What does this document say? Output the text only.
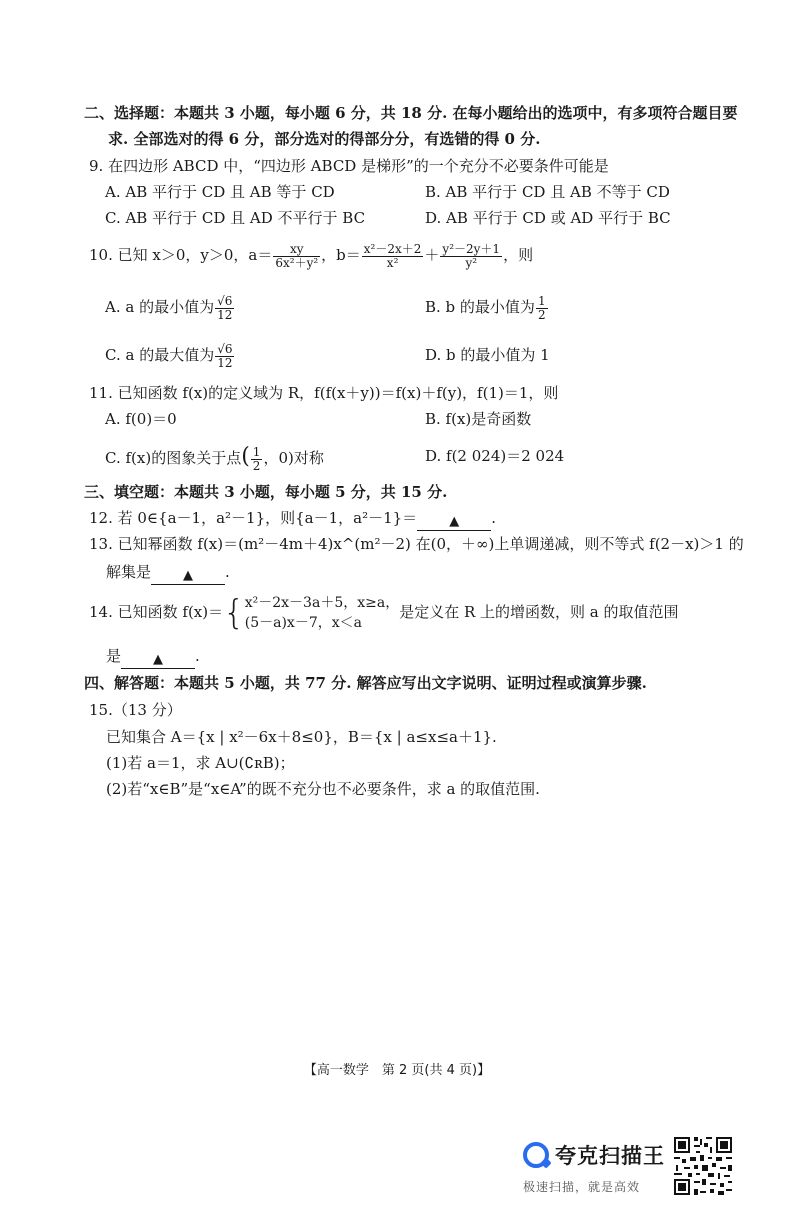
二、选择题：本题共 3 小题，每小题 6 分，共 18 分. 在每小题给出的选项中，有多项符合题目要
求. 全部选对的得 6 分，部分选对的得部分分，有选错的得 0 分.
9. 在四边形 ABCD 中，“四边形 ABCD 是梯形”的一个充分不必要条件可能是
A. AB 平行于 CD 且 AB 等于 CD	B. AB 平行于 CD 且 AB 不等于 CD
C. AB 平行于 CD 且 AD 不平行于 BC	D. AB 平行于 CD 或 AD 平行于 BC
10. 已知 x＞0，y＞0，$a= \frac{xy}{\text{6x²＋y²}}$ ，$b= \frac{\text{x²－2x＋2}}{\text{x²}} + \frac{\text{y²－2y＋1}}{\text{y²}}$ ，则
A. a 的最小值为 $\frac{√6}{12}$	B. b 的最小值为 $\frac{1}{2}$
C. a 的最大值为 $\frac{√6}{12}$	D. b 的最小值为 1
11. 已知函数 f(x)的定义域为 R，f(f(x＋y))＝f(x)＋f(y)，f(1)＝1，则
A. f(0)＝0	B. f(x)是奇函数
C. f(x)的图象关于点( $\frac{1}{2}$ ，0)对称	D. f(2 024)＝2 024
三、填空题：本题共 3 小题，每小题 5 分，共 15 分.
12. 若 0∈{a－1，a²－1}，则{a－1，a²－1}＝ ▲ .
13. 已知幂函数 f(x)＝(m²－4m＋4)x^(m²－2) 在(0，＋∞)上单调递减，则不等式 f(2－x)＞1 的
解集是 ▲ .
14. 已知函数 f(x)＝{ x²－2x－3a＋5，x≥a，
(5－a)x－7，x＜a
是定义在 R 上的增函数，则 a 的取值范围
是 ▲ .
四、解答题：本题共 5 小题，共 77 分. 解答应写出文字说明、证明过程或演算步骤.
15.（13 分）
已知集合 A＝{x | x²－6x＋8≤0}，B＝{x | a≤x≤a＋1}.
(1)若 a＝1，求 A∪(∁ʀB)；
(2)若“x∈B”是“x∈A”的既不充分也不必要条件，求 a 的取值范围.
【高一数学　第 2 页(共 4 页)】
夸克扫描王
极速扫描，就是高效
